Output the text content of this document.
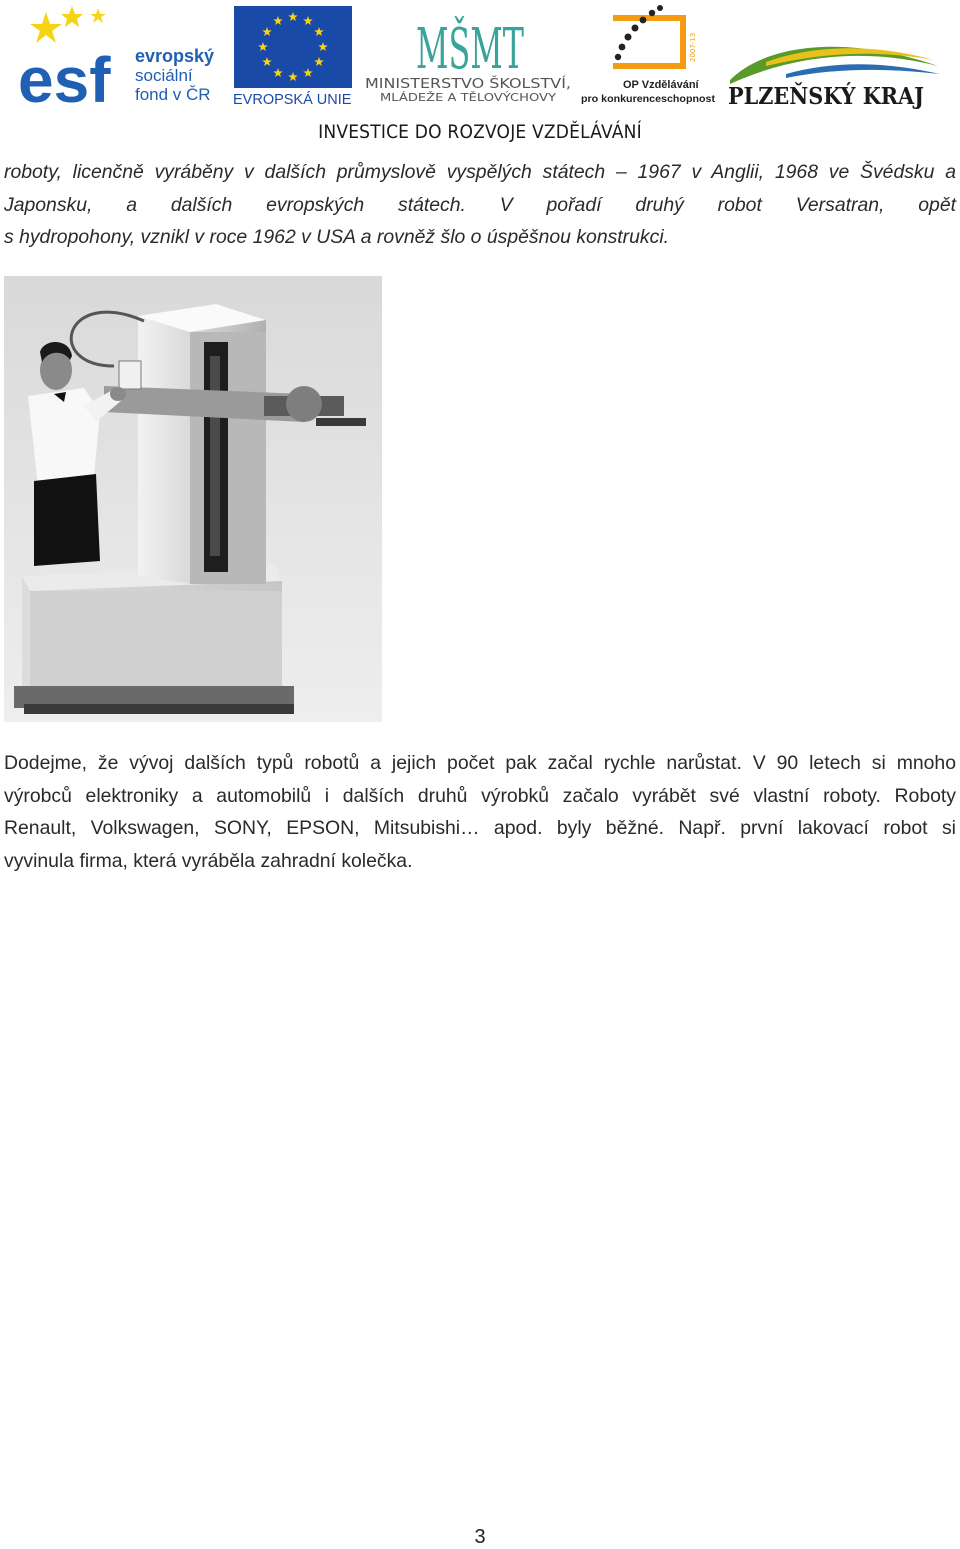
esf evropský
sociální
fond v ČR EVROPSKÁ UNIE
MŠMT
MINISTERSTVO ŠKOLSTVÍ,
MLÁDEŽE A TĚLOVÝCHOVY
2007-13
OP Vzdělávání
pro konkurenceschopnost PLZEŇSKÝ KRAJ
INVESTICE DO ROZVOJE VZDĚLÁVÁNÍ

roboty, licenčně vyráběny v dalších průmyslově vyspělých státech – 1967 v Anglii, 1968 ve Švédsku a
Japonsku, a dalších evropských státech. V pořadí druhý robot Versatran, opět
s hydropohony, vznikl v roce 1962 v USA a rovněž šlo o úspěšnou konstrukci.

Dodejme, že vývoj dalších typů robotů a jejich počet pak začal rychle narůstat. V 90 letech si mnoho
výrobců elektroniky a automobilů i dalších druhů výrobků začalo vyrábět své vlastní roboty. Roboty
Renault, Volkswagen, SONY, EPSON, Mitsubishi… apod. byly běžné. Např. první lakovací robot si
vyvinula firma, která vyráběla zahradní kolečka.

3
